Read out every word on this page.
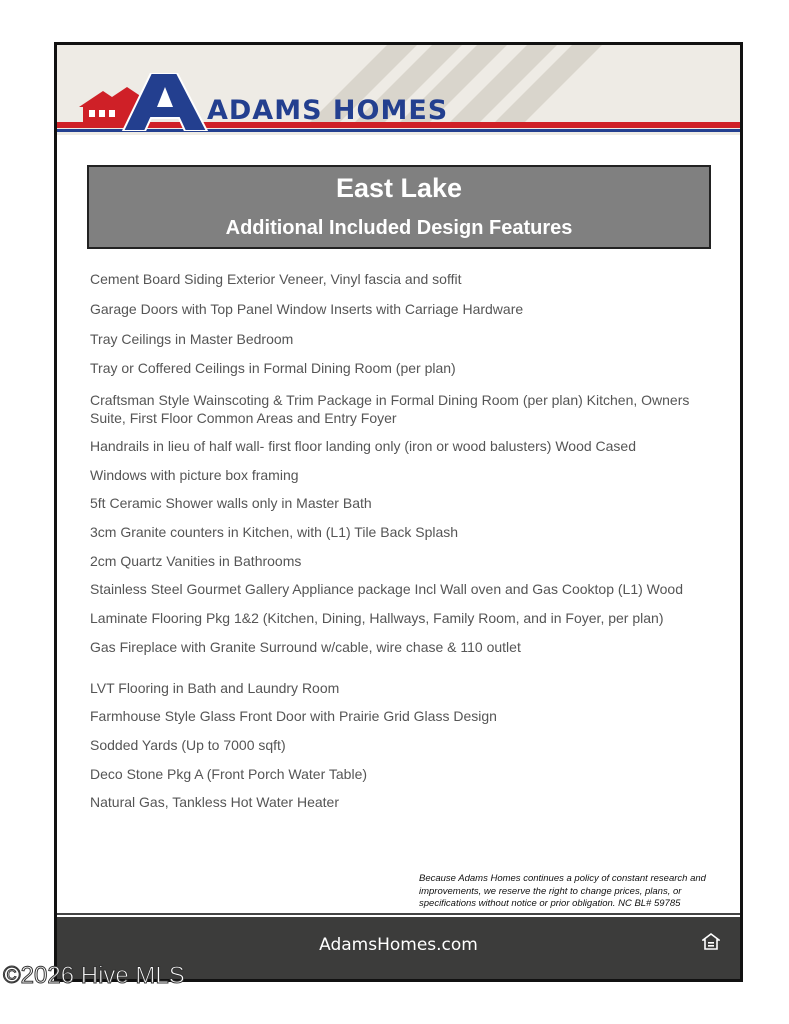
ADAMS HOMES
East Lake
Additional Included Design Features
Cement Board Siding Exterior Veneer, Vinyl fascia and soffit
Garage Doors with Top Panel Window Inserts with Carriage Hardware
Tray Ceilings in Master Bedroom
Tray or Coffered Ceilings in Formal Dining Room (per plan)
Craftsman Style Wainscoting & Trim Package in Formal Dining Room (per plan) Kitchen, Owners Suite, First Floor Common Areas and Entry Foyer
Handrails in lieu of half wall- first floor landing only (iron or wood balusters) Wood Cased
Windows with picture box framing
5ft Ceramic Shower walls only in Master Bath
3cm Granite counters in Kitchen, with (L1) Tile Back Splash
2cm Quartz Vanities in Bathrooms
Stainless Steel Gourmet Gallery Appliance package Incl Wall oven and Gas Cooktop (L1) Wood
Laminate Flooring Pkg 1&2 (Kitchen, Dining, Hallways, Family Room, and in Foyer, per plan)
Gas Fireplace with Granite Surround w/cable, wire chase & 110 outlet
LVT Flooring in Bath and Laundry Room
Farmhouse Style Glass Front Door with Prairie Grid Glass Design
Sodded Yards (Up to 7000 sqft)
Deco Stone Pkg A (Front Porch Water Table)
Natural Gas, Tankless Hot Water Heater
Because Adams Homes continues a policy of constant research and improvements, we reserve the right to change prices, plans, or specifications without notice or prior obligation. NC BL# 59785
AdamsHomes.com
©2026 Hive MLS
